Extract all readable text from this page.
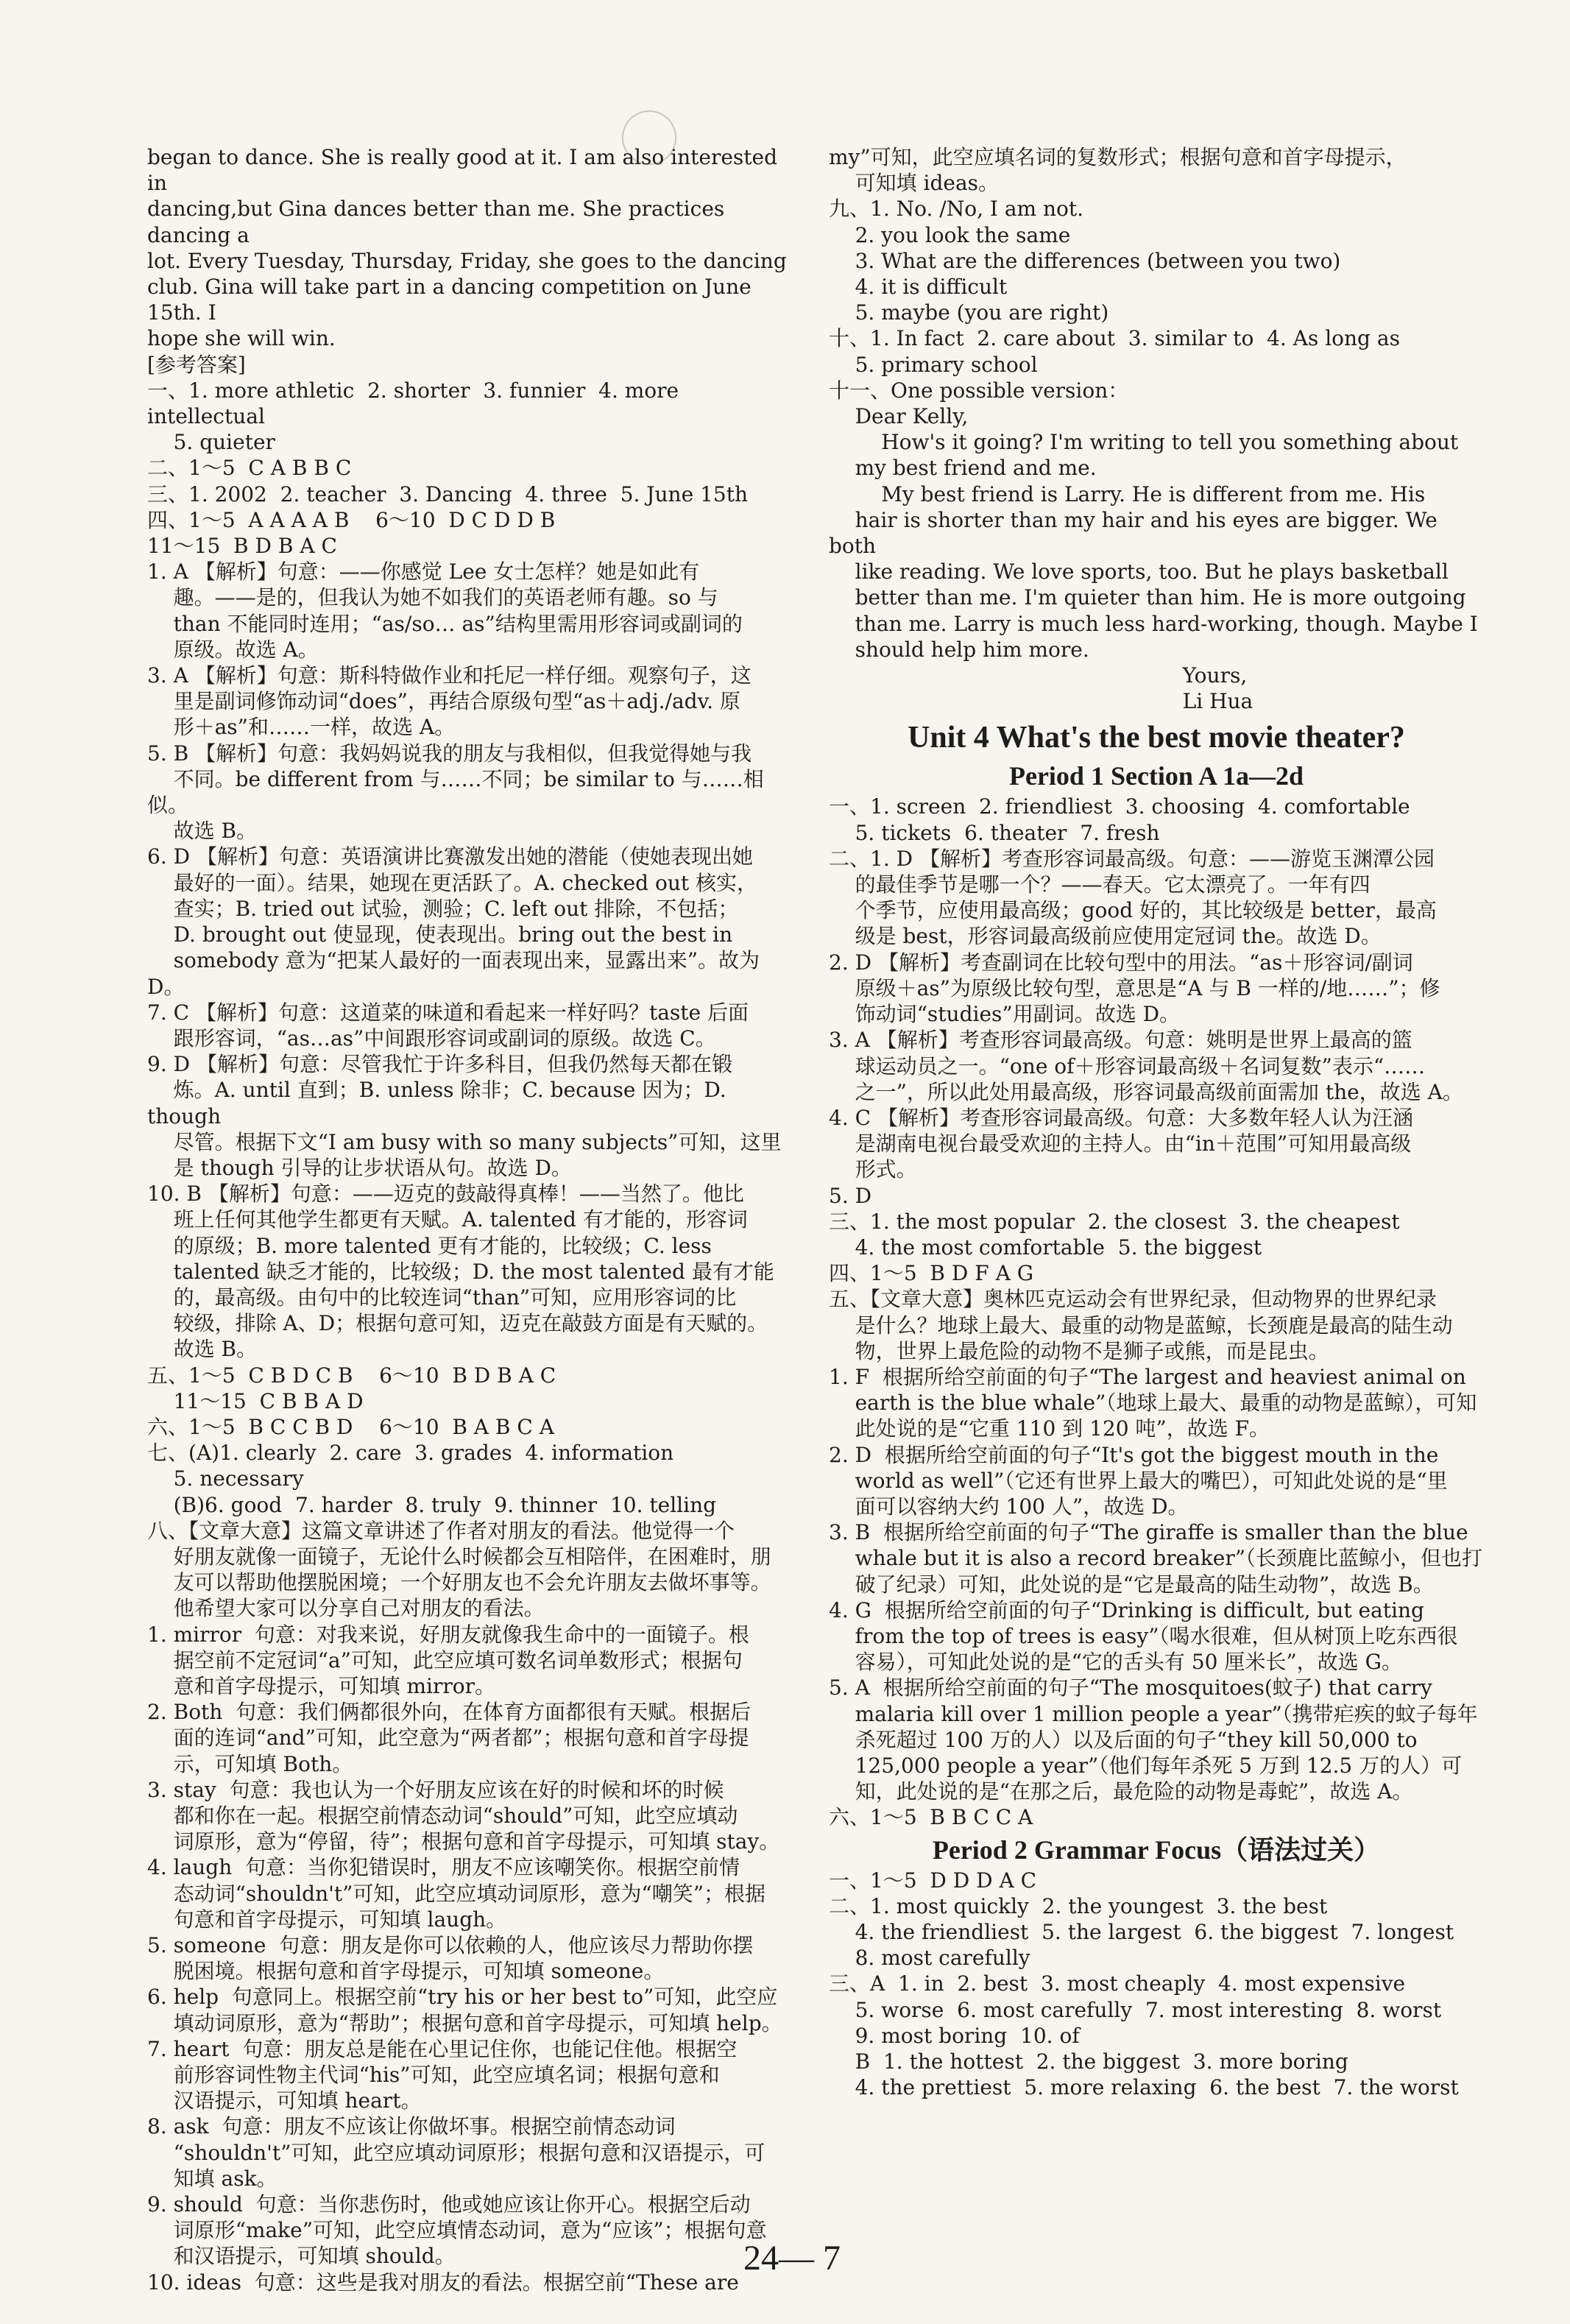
began to dance. She is really good at it. I am also interested in

dancing,but Gina dances better than me. She practices dancing a

lot. Every Tuesday, Thursday, Friday, she goes to the dancing

club. Gina will take part in a dancing competition on June 15th. I

hope she will win.

[参考答案]

一、1. more athletic  2. shorter  3. funnier  4. more intellectual

5. quieter

二、1～5  C A B B C

三、1. 2002  2. teacher  3. Dancing  4. three  5. June 15th

四、1～5  A A A A B    6～10  D C D D B

11～15  B D B A C

1. A 【解析】句意：——你感觉 Lee 女士怎样？她是如此有

趣。——是的，但我认为她不如我们的英语老师有趣。so 与

than 不能同时连用；“as/so… as”结构里需用形容词或副词的

原级。故选 A。

3. A 【解析】句意：斯科特做作业和托尼一样仔细。观察句子，这

里是副词修饰动词“does”，再结合原级句型“as＋adj./adv. 原

形＋as”和……一样，故选 A。

5. B 【解析】句意：我妈妈说我的朋友与我相似，但我觉得她与我

不同。be different from 与……不同；be similar to 与……相似。

故选 B。

6. D 【解析】句意：英语演讲比赛激发出她的潜能（使她表现出她

最好的一面）。结果，她现在更活跃了。A. checked out 核实，

查实；B. tried out 试验，测验；C. left out 排除，不包括；

D. brought out 使显现，使表现出。bring out the best in

somebody 意为“把某人最好的一面表现出来，显露出来”。故为 D。

7. C 【解析】句意：这道菜的味道和看起来一样好吗？taste 后面

跟形容词，“as…as”中间跟形容词或副词的原级。故选 C。

9. D 【解析】句意：尽管我忙于许多科目，但我仍然每天都在锻

炼。A. until 直到；B. unless 除非；C. because 因为；D. though

尽管。根据下文“I am busy with so many subjects”可知，这里

是 though 引导的让步状语从句。故选 D。

10. B 【解析】句意：——迈克的鼓敲得真棒！——当然了。他比

班上任何其他学生都更有天赋。A. talented 有才能的，形容词

的原级；B. more talented 更有才能的，比较级；C. less

talented 缺乏才能的，比较级；D. the most talented 最有才能

的，最高级。由句中的比较连词“than”可知，应用形容词的比

较级，排除 A、D；根据句意可知，迈克在敲鼓方面是有天赋的。

故选 B。

五、1～5  C B D C B    6～10  B D B A C

11～15  C B B A D

六、1～5  B C C B D    6～10  B A B C A

七、(A)1. clearly  2. care  3. grades  4. information

5. necessary

(B)6. good  7. harder  8. truly  9. thinner  10. telling

八、【文章大意】这篇文章讲述了作者对朋友的看法。他觉得一个

好朋友就像一面镜子，无论什么时候都会互相陪伴，在困难时，朋

友可以帮助他摆脱困境；一个好朋友也不会允许朋友去做坏事等。

他希望大家可以分享自己对朋友的看法。

1. mirror  句意：对我来说，好朋友就像我生命中的一面镜子。根

据空前不定冠词“a”可知，此空应填可数名词单数形式；根据句

意和首字母提示，可知填 mirror。

2. Both  句意：我们俩都很外向，在体育方面都很有天赋。根据后

面的连词“and”可知，此空意为“两者都”；根据句意和首字母提

示，可知填 Both。

3. stay  句意：我也认为一个好朋友应该在好的时候和坏的时候

都和你在一起。根据空前情态动词“should”可知，此空应填动

词原形，意为“停留，待”；根据句意和首字母提示，可知填 stay。

4. laugh  句意：当你犯错误时，朋友不应该嘲笑你。根据空前情

态动词“shouldn't”可知，此空应填动词原形，意为“嘲笑”；根据

句意和首字母提示，可知填 laugh。

5. someone  句意：朋友是你可以依赖的人，他应该尽力帮助你摆

脱困境。根据句意和首字母提示，可知填 someone。

6. help  句意同上。根据空前“try his or her best to”可知，此空应

填动词原形，意为“帮助”；根据句意和首字母提示，可知填 help。

7. heart  句意：朋友总是能在心里记住你，也能记住他。根据空

前形容词性物主代词“his”可知，此空应填名词；根据句意和

汉语提示，可知填 heart。

8. ask  句意：朋友不应该让你做坏事。根据空前情态动词

“shouldn't”可知，此空应填动词原形；根据句意和汉语提示，可

知填 ask。

9. should  句意：当你悲伤时，他或她应该让你开心。根据空后动

词原形“make”可知，此空应填情态动词，意为“应该”；根据句意

和汉语提示，可知填 should。

10. ideas  句意：这些是我对朋友的看法。根据空前“These are

my”可知，此空应填名词的复数形式；根据句意和首字母提示，

可知填 ideas。

九、1. No. /No, I am not.

2. you look the same

3. What are the differences (between you two)

4. it is difficult

5. maybe (you are right)

十、1. In fact  2. care about  3. similar to  4. As long as

5. primary school

十一、One possible version：

Dear Kelly,

How's it going? I'm writing to tell you something about

my best friend and me.

My best friend is Larry. He is different from me. His

hair is shorter than my hair and his eyes are bigger. We both

like reading. We love sports, too. But he plays basketball

better than me. I'm quieter than him. He is more outgoing

than me. Larry is much less hard-working, though. Maybe I

should help him more.

Yours,

Li Hua

Unit 4 What's the best movie theater?
Period 1 Section A 1a—2d

一、1. screen  2. friendliest  3. choosing  4. comfortable

5. tickets  6. theater  7. fresh

二、1. D 【解析】考查形容词最高级。句意：——游览玉渊潭公园

的最佳季节是哪一个？——春天。它太漂亮了。一年有四

个季节，应使用最高级；good 好的，其比较级是 better，最高

级是 best，形容词最高级前应使用定冠词 the。故选 D。

2. D 【解析】考查副词在比较句型中的用法。“as＋形容词/副词

原级＋as”为原级比较句型，意思是“A 与 B 一样的/地……”；修

饰动词“studies”用副词。故选 D。

3. A 【解析】考查形容词最高级。句意：姚明是世界上最高的篮

球运动员之一。“one of＋形容词最高级＋名词复数”表示“……

之一”，所以此处用最高级，形容词最高级前面需加 the，故选 A。

4. C 【解析】考查形容词最高级。句意：大多数年轻人认为汪涵

是湖南电视台最受欢迎的主持人。由“in＋范围”可知用最高级

形式。

5. D

三、1. the most popular  2. the closest  3. the cheapest

4. the most comfortable  5. the biggest

四、1～5  B D F A G

五、【文章大意】奥林匹克运动会有世界纪录，但动物界的世界纪录

是什么？地球上最大、最重的动物是蓝鲸，长颈鹿是最高的陆生动

物，世界上最危险的动物不是狮子或熊，而是昆虫。

1. F  根据所给空前面的句子“The largest and heaviest animal on

earth is the blue whale”（地球上最大、最重的动物是蓝鲸），可知

此处说的是“它重 110 到 120 吨”，故选 F。

2. D  根据所给空前面的句子“It's got the biggest mouth in the

world as well”（它还有世界上最大的嘴巴），可知此处说的是“里

面可以容纳大约 100 人”，故选 D。

3. B  根据所给空前面的句子“The giraffe is smaller than the blue

whale but it is also a record breaker”（长颈鹿比蓝鲸小，但也打

破了纪录）可知，此处说的是“它是最高的陆生动物”，故选 B。

4. G  根据所给空前面的句子“Drinking is difficult, but eating

from the top of trees is easy”（喝水很难，但从树顶上吃东西很

容易），可知此处说的是“它的舌头有 50 厘米长”，故选 G。

5. A  根据所给空前面的句子“The mosquitoes(蚊子) that carry

malaria kill over 1 million people a year”（携带疟疾的蚊子每年

杀死超过 100 万的人）以及后面的句子“they kill 50,000 to

125,000 people a year”（他们每年杀死 5 万到 12.5 万的人）可

知，此处说的是“在那之后，最危险的动物是毒蛇”，故选 A。

六、1～5  B B C C A

Period 2 Grammar Focus（语法过关）

一、1～5  D D D A C

二、1. most quickly  2. the youngest  3. the best

4. the friendliest  5. the largest  6. the biggest  7. longest

8. most carefully

三、A  1. in  2. best  3. most cheaply  4. most expensive

5. worse  6. most carefully  7. most interesting  8. worst

9. most boring  10. of

B  1. the hottest  2. the biggest  3. more boring

4. the prettiest  5. more relaxing  6. the best  7. the worst

24— 7
